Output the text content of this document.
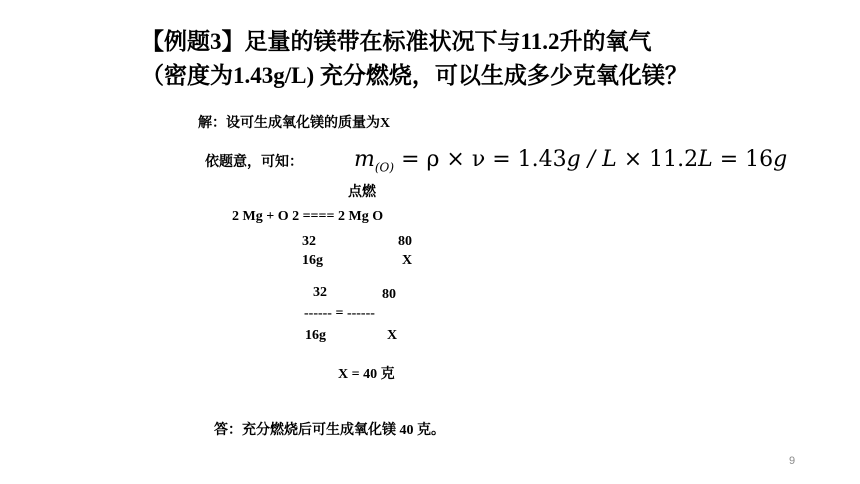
【例题3】足量的镁带在标准状况下与11.2升的氧气
（密度为1.43g/L) 充分燃烧，可以生成多少克氧化镁？
解：设可生成氧化镁的质量为X
依题意，可知： $m_{(O)} = \rho \times \nu = 1.43g / L \times 11.2L = 16g$
点燃
2 Mg + O 2 ==== 2 Mg O
32	80
16g	X
32	80
------ = ------
16g	X
X = 40 克
答：充分燃烧后可生成氧化镁 40 克。
9
